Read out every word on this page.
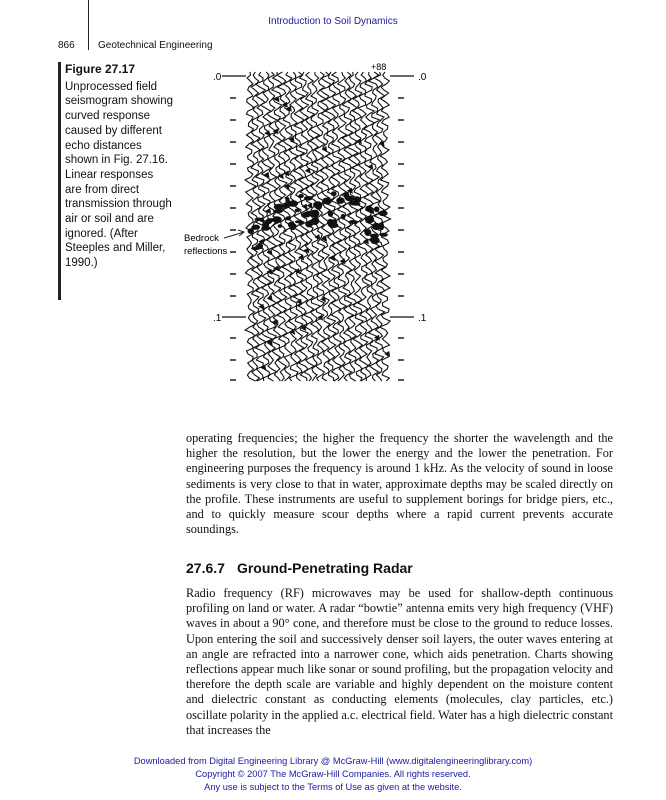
Introduction to Soil Dynamics
866 Geotechnical Engineering
Figure 27.17
Unprocessed field seismogram showing curved response caused by different echo distances shown in Fig. 27.16. Linear responses are from direct transmission through air or soil and are ignored. (After Steeples and Miller, 1990.)
.0	.0
+88
.1	.1
Bedrock
reflections

operating frequencies; the higher the frequency the shorter the wavelength and the higher the resolution, but the lower the energy and the lower the penetration. For engineering purposes the frequency is around 1 kHz. As the velocity of sound in loose sediments is very close to that in water, approximate depths may be scaled directly on the profile. These instruments are useful to supplement borings for bridge piers, etc., and to quickly measure scour depths where a rapid current prevents accurate soundings.

27.6.7 Ground-Penetrating Radar

Radio frequency (RF) microwaves may be used for shallow-depth continuous profiling on land or water. A radar “bowtie” antenna emits very high frequency (VHF) waves in about a 90° cone, and therefore must be close to the ground to reduce losses. Upon entering the soil and successively denser soil layers, the outer waves entering at an angle are refracted into a narrower cone, which aids penetration. Charts showing reflections appear much like sonar or sound profiling, but the propagation velocity and therefore the depth scale are variable and highly dependent on the moisture content and dielectric constant as conducting elements (molecules, clay particles, etc.) oscillate polarity in the applied a.c. electrical field. Water has a high dielectric constant that increases the

Downloaded from Digital Engineering Library @ McGraw-Hill (www.digitalengineeringlibrary.com)
Copyright © 2007 The McGraw-Hill Companies. All rights reserved.
Any use is subject to the Terms of Use as given at the website.
